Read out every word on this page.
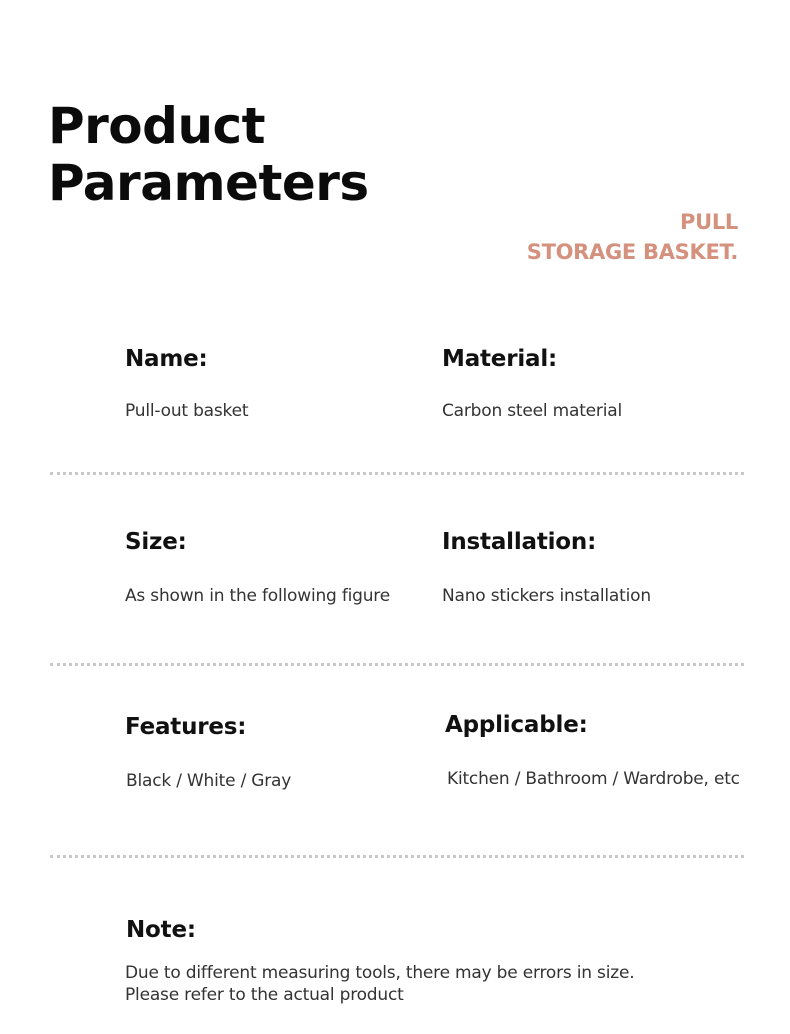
Product
Parameters
PULL
STORAGE BASKET.
Name:
Pull-out basket
Material:
Carbon steel material
Size:
As shown in the following figure
Installation:
Nano stickers installation
Features:
Black / White / Gray
Applicable:
Kitchen / Bathroom / Wardrobe, etc
Note:
Due to different measuring tools, there may be errors in size.
Please refer to the actual product
